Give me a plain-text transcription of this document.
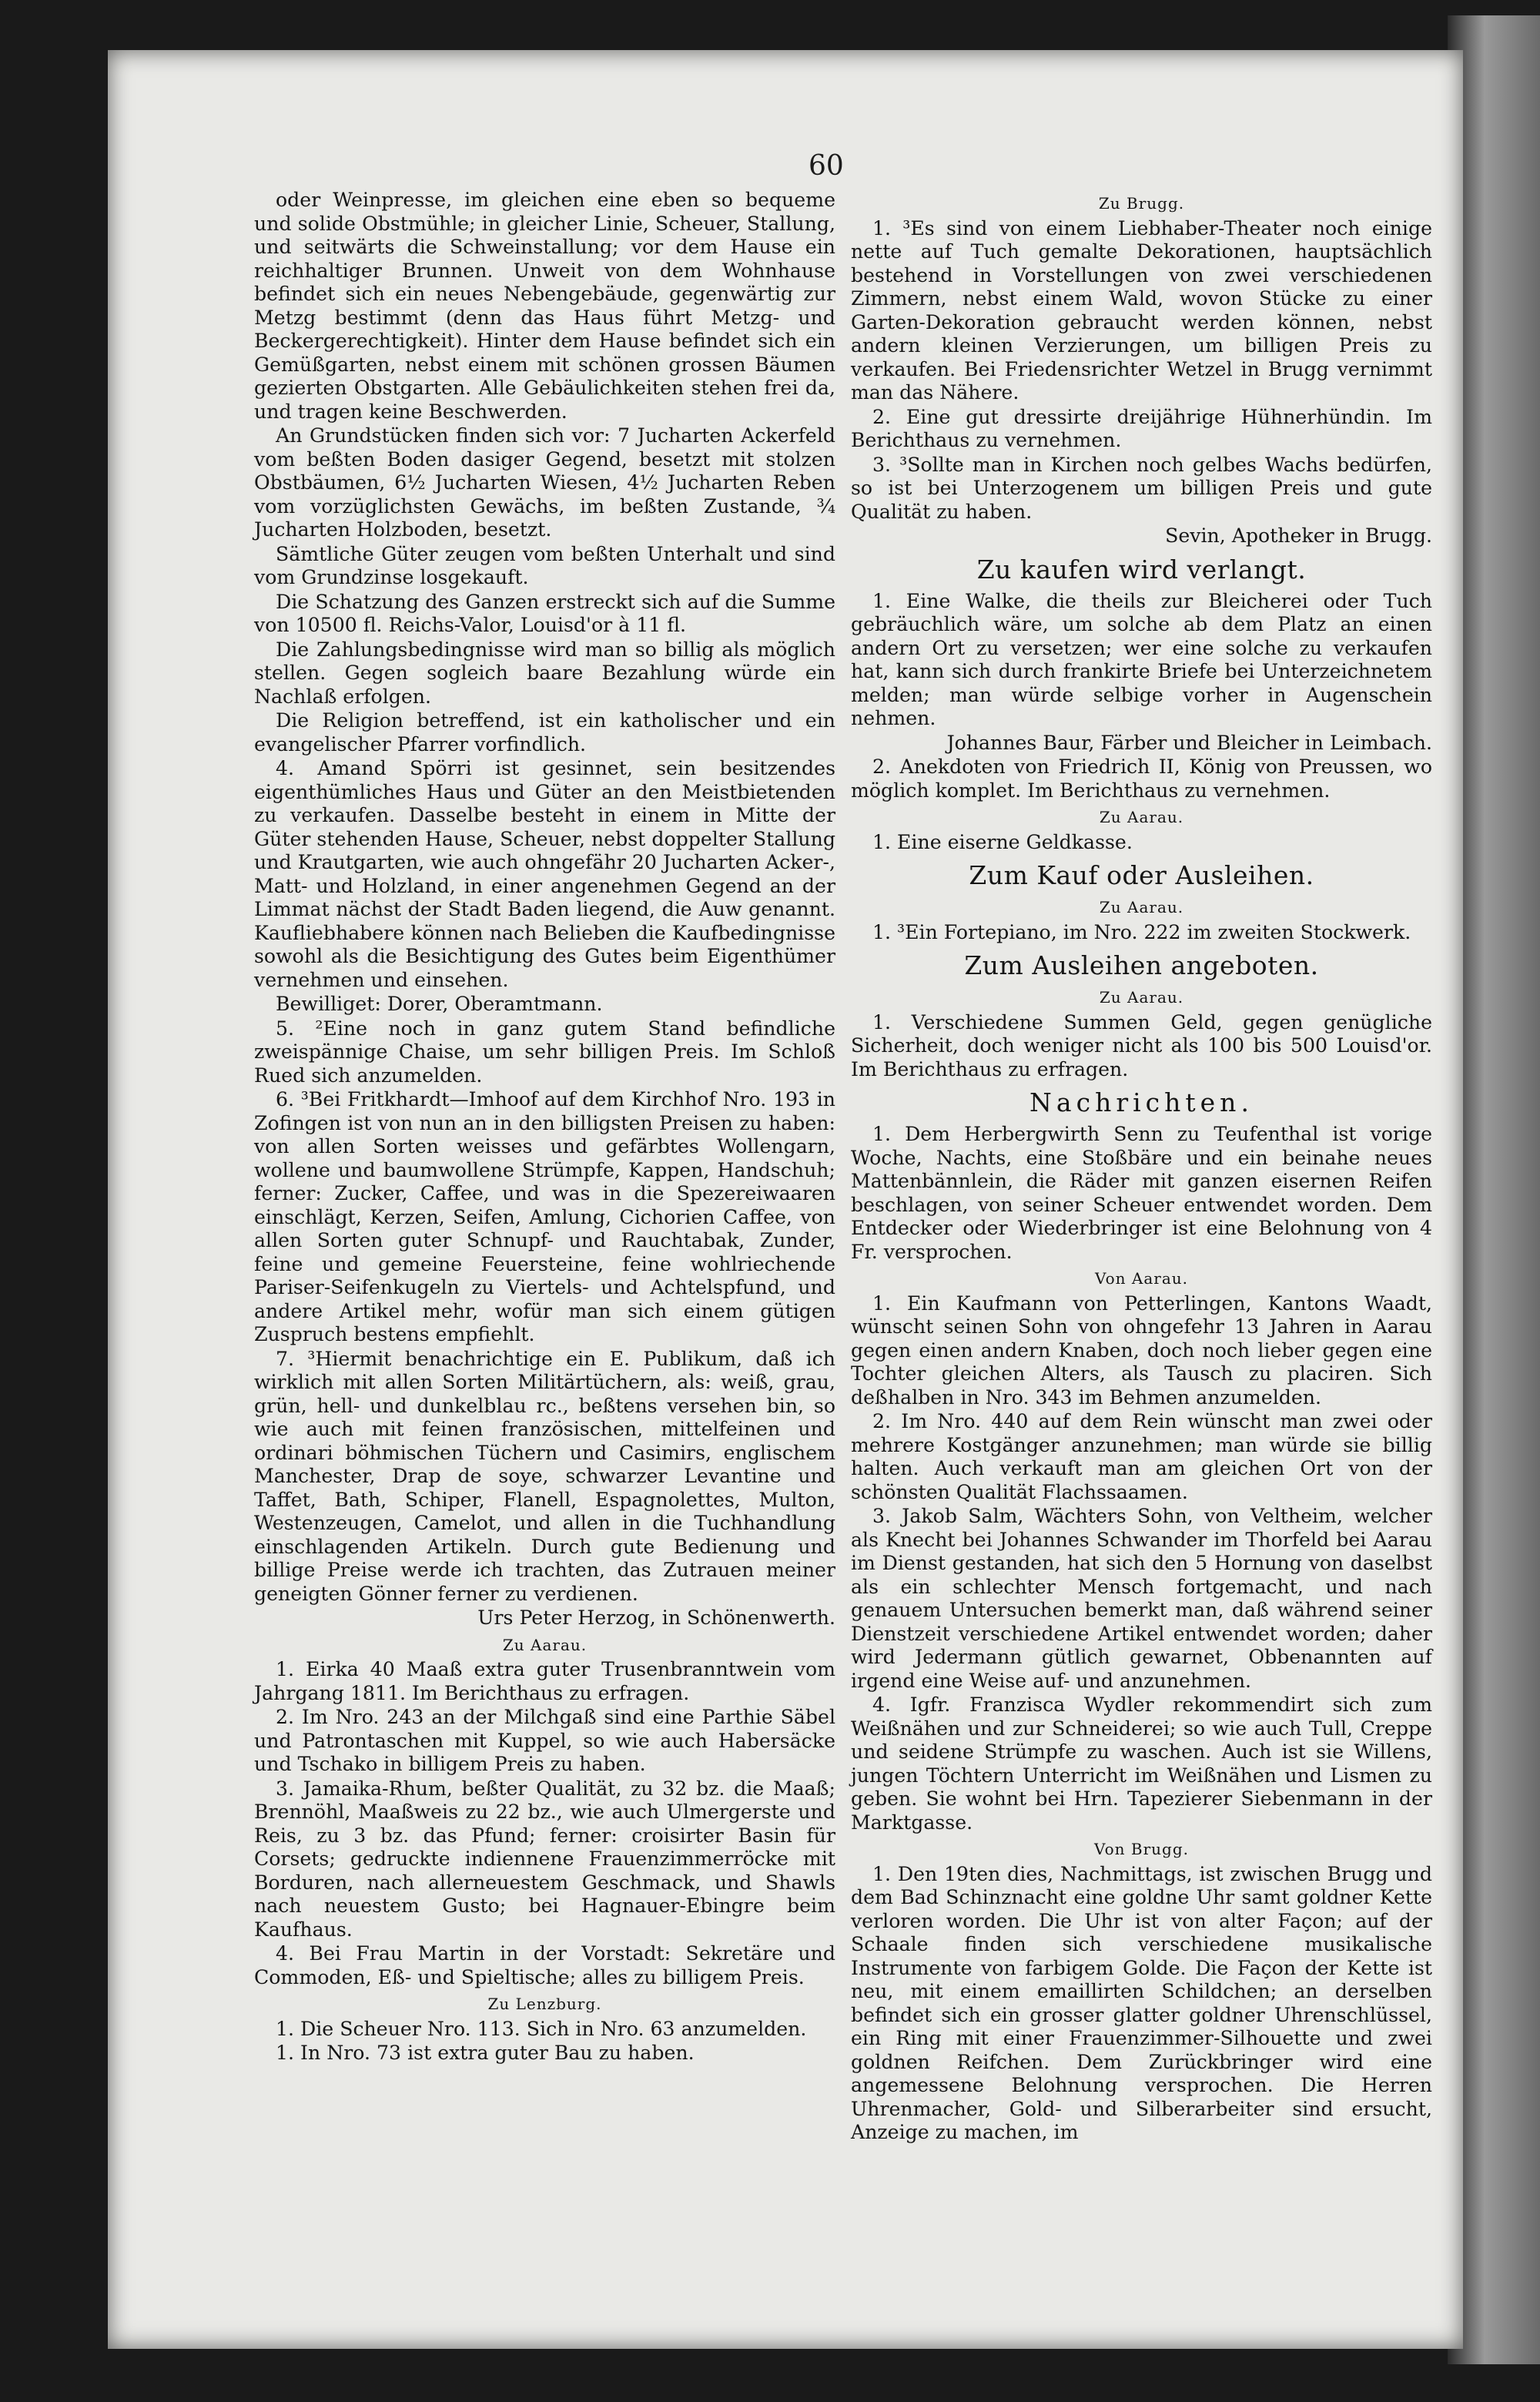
60

oder Weinpresse, im gleichen eine eben so bequeme und solide Obstmühle; in gleicher Linie, Scheuer, Stallung, und seitwärts die Schweinstallung; vor dem Hause ein reichhaltiger Brunnen. Unweit von dem Wohnhause befindet sich ein neues Nebengebäude, gegenwärtig zur Metzg bestimmt (denn das Haus führt Metzg- und Beckergerechtigkeit). Hinter dem Hause befindet sich ein Gemüßgarten, nebst einem mit schönen grossen Bäumen gezierten Obstgarten. Alle Gebäulichkeiten stehen frei da, und tragen keine Beschwerden.

An Grundstücken finden sich vor: 7 Jucharten Ackerfeld vom beßten Boden dasiger Gegend, besetzt mit stolzen Obstbäumen, 6½ Jucharten Wiesen, 4½ Jucharten Reben vom vorzüglichsten Gewächs, im beßten Zustande, ¾ Jucharten Holzboden, besetzt.

Sämtliche Güter zeugen vom beßten Unterhalt und sind vom Grundzinse losgekauft.

Die Schatzung des Ganzen erstreckt sich auf die Summe von 10500 fl. Reichs-Valor, Louisd'or à 11 fl.

Die Zahlungsbedingnisse wird man so billig als möglich stellen. Gegen sogleich baare Bezahlung würde ein Nachlaß erfolgen.

Die Religion betreffend, ist ein katholischer und ein evangelischer Pfarrer vorfindlich.

4. Amand Spörri ist gesinnet, sein besitzendes eigenthümliches Haus und Güter an den Meistbietenden zu verkaufen. Dasselbe besteht in einem in Mitte der Güter stehenden Hause, Scheuer, nebst doppelter Stallung und Krautgarten, wie auch ohngefähr 20 Jucharten Acker-, Matt- und Holzland, in einer angenehmen Gegend an der Limmat nächst der Stadt Baden liegend, die Auw genannt. Kaufliebhabere können nach Belieben die Kaufbedingnisse sowohl als die Besichtigung des Gutes beim Eigenthümer vernehmen und einsehen.

Bewilliget: Dorer, Oberamtmann.

5. ²Eine noch in ganz gutem Stand befindliche zweispännige Chaise, um sehr billigen Preis. Im Schloß Rued sich anzumelden.

6. ³Bei Fritkhardt—Imhoof auf dem Kirchhof Nro. 193 in Zofingen ist von nun an in den billigsten Preisen zu haben: von allen Sorten weisses und gefärbtes Wollengarn, wollene und baumwollene Strümpfe, Kappen, Handschuh; ferner: Zucker, Caffee, und was in die Spezereiwaaren einschlägt, Kerzen, Seifen, Amlung, Cichorien Caffee, von allen Sorten guter Schnupf- und Rauchtabak, Zunder, feine und gemeine Feuersteine, feine wohlriechende Pariser-Seifenkugeln zu Viertels- und Achtelspfund, und andere Artikel mehr, wofür man sich einem gütigen Zuspruch bestens empfiehlt.

7. ³Hiermit benachrichtige ein E. Publikum, daß ich wirklich mit allen Sorten Militärtüchern, als: weiß, grau, grün, hell- und dunkelblau rc., beßtens versehen bin, so wie auch mit feinen französischen, mittelfeinen und ordinari böhmischen Tüchern und Casimirs, englischem Manchester, Drap de soye, schwarzer Levantine und Taffet, Bath, Schiper, Flanell, Espagnolettes, Multon, Westenzeugen, Camelot, und allen in die Tuchhandlung einschlagenden Artikeln. Durch gute Bedienung und billige Preise werde ich trachten, das Zutrauen meiner geneigten Gönner ferner zu verdienen.

Urs Peter Herzog, in Schönenwerth.

Zu Aarau.

1. Eirka 40 Maaß extra guter Trusenbranntwein vom Jahrgang 1811. Im Berichthaus zu erfragen.

2. Im Nro. 243 an der Milchgaß sind eine Parthie Säbel und Patrontaschen mit Kuppel, so wie auch Habersäcke und Tschako in billigem Preis zu haben.

3. Jamaika-Rhum, beßter Qualität, zu 32 bz. die Maaß; Brennöhl, Maaßweis zu 22 bz., wie auch Ulmergerste und Reis, zu 3 bz. das Pfund; ferner: croisirter Basin für Corsets; gedruckte indiennene Frauenzimmerröcke mit Borduren, nach allerneuestem Geschmack, und Shawls nach neuestem Gusto; bei Hagnauer-Ebingre beim Kaufhaus.

4. Bei Frau Martin in der Vorstadt: Sekretäre und Commoden, Eß- und Spieltische; alles zu billigem Preis.

Zu Lenzburg.

1. Die Scheuer Nro. 113. Sich in Nro. 63 anzumelden.

1. In Nro. 73 ist extra guter Bau zu haben.

Zu Brugg.

1. ³Es sind von einem Liebhaber-Theater noch einige nette auf Tuch gemalte Dekorationen, hauptsächlich bestehend in Vorstellungen von zwei verschiedenen Zimmern, nebst einem Wald, wovon Stücke zu einer Garten-Dekoration gebraucht werden können, nebst andern kleinen Verzierungen, um billigen Preis zu verkaufen. Bei Friedensrichter Wetzel in Brugg vernimmt man das Nähere.

2. Eine gut dressirte dreijährige Hühnerhündin. Im Berichthaus zu vernehmen.

3. ³Sollte man in Kirchen noch gelbes Wachs bedürfen, so ist bei Unterzogenem um billigen Preis und gute Qualität zu haben.

Sevin, Apotheker in Brugg.

Zu kaufen wird verlangt.

1. Eine Walke, die theils zur Bleicherei oder Tuch gebräuchlich wäre, um solche ab dem Platz an einen andern Ort zu versetzen; wer eine solche zu verkaufen hat, kann sich durch frankirte Briefe bei Unterzeichnetem melden; man würde selbige vorher in Augenschein nehmen.

Johannes Baur, Färber und Bleicher in Leimbach.

2. Anekdoten von Friedrich II, König von Preussen, wo möglich komplet. Im Berichthaus zu vernehmen.

Zu Aarau.

1. Eine eiserne Geldkasse.

Zum Kauf oder Ausleihen.
Zu Aarau.

1. ³Ein Fortepiano, im Nro. 222 im zweiten Stockwerk.

Zum Ausleihen angeboten.
Zu Aarau.

1. Verschiedene Summen Geld, gegen genügliche Sicherheit, doch weniger nicht als 100 bis 500 Louisd'or. Im Berichthaus zu erfragen.

Nachrichten.

1. Dem Herbergwirth Senn zu Teufenthal ist vorige Woche, Nachts, eine Stoßbäre und ein beinahe neues Mattenbännlein, die Räder mit ganzen eisernen Reifen beschlagen, von seiner Scheuer entwendet worden. Dem Entdecker oder Wiederbringer ist eine Belohnung von 4 Fr. versprochen.

Von Aarau.

1. Ein Kaufmann von Petterlingen, Kantons Waadt, wünscht seinen Sohn von ohngefehr 13 Jahren in Aarau gegen einen andern Knaben, doch noch lieber gegen eine Tochter gleichen Alters, als Tausch zu placiren. Sich deßhalben in Nro. 343 im Behmen anzumelden.

2. Im Nro. 440 auf dem Rein wünscht man zwei oder mehrere Kostgänger anzunehmen; man würde sie billig halten. Auch verkauft man am gleichen Ort von der schönsten Qualität Flachssaamen.

3. Jakob Salm, Wächters Sohn, von Veltheim, welcher als Knecht bei Johannes Schwander im Thorfeld bei Aarau im Dienst gestanden, hat sich den 5 Hornung von daselbst als ein schlechter Mensch fortgemacht, und nach genauem Untersuchen bemerkt man, daß während seiner Dienstzeit verschiedene Artikel entwendet worden; daher wird Jedermann gütlich gewarnet, Obbenannten auf irgend eine Weise auf- und anzunehmen.

4. Igfr. Franzisca Wydler rekommendirt sich zum Weißnähen und zur Schneiderei; so wie auch Tull, Creppe und seidene Strümpfe zu waschen. Auch ist sie Willens, jungen Töchtern Unterricht im Weißnähen und Lismen zu geben. Sie wohnt bei Hrn. Tapezierer Siebenmann in der Marktgasse.

Von Brugg.

1. Den 19ten dies, Nachmittags, ist zwischen Brugg und dem Bad Schinznacht eine goldne Uhr samt goldner Kette verloren worden. Die Uhr ist von alter Façon; auf der Schaale finden sich verschiedene musikalische Instrumente von farbigem Golde. Die Façon der Kette ist neu, mit einem emaillirten Schildchen; an derselben befindet sich ein grosser glatter goldner Uhrenschlüssel, ein Ring mit einer Frauenzimmer-Silhouette und zwei goldnen Reifchen. Dem Zurückbringer wird eine angemessene Belohnung versprochen. Die Herren Uhrenmacher, Gold- und Silberarbeiter sind ersucht, Anzeige zu machen, im
